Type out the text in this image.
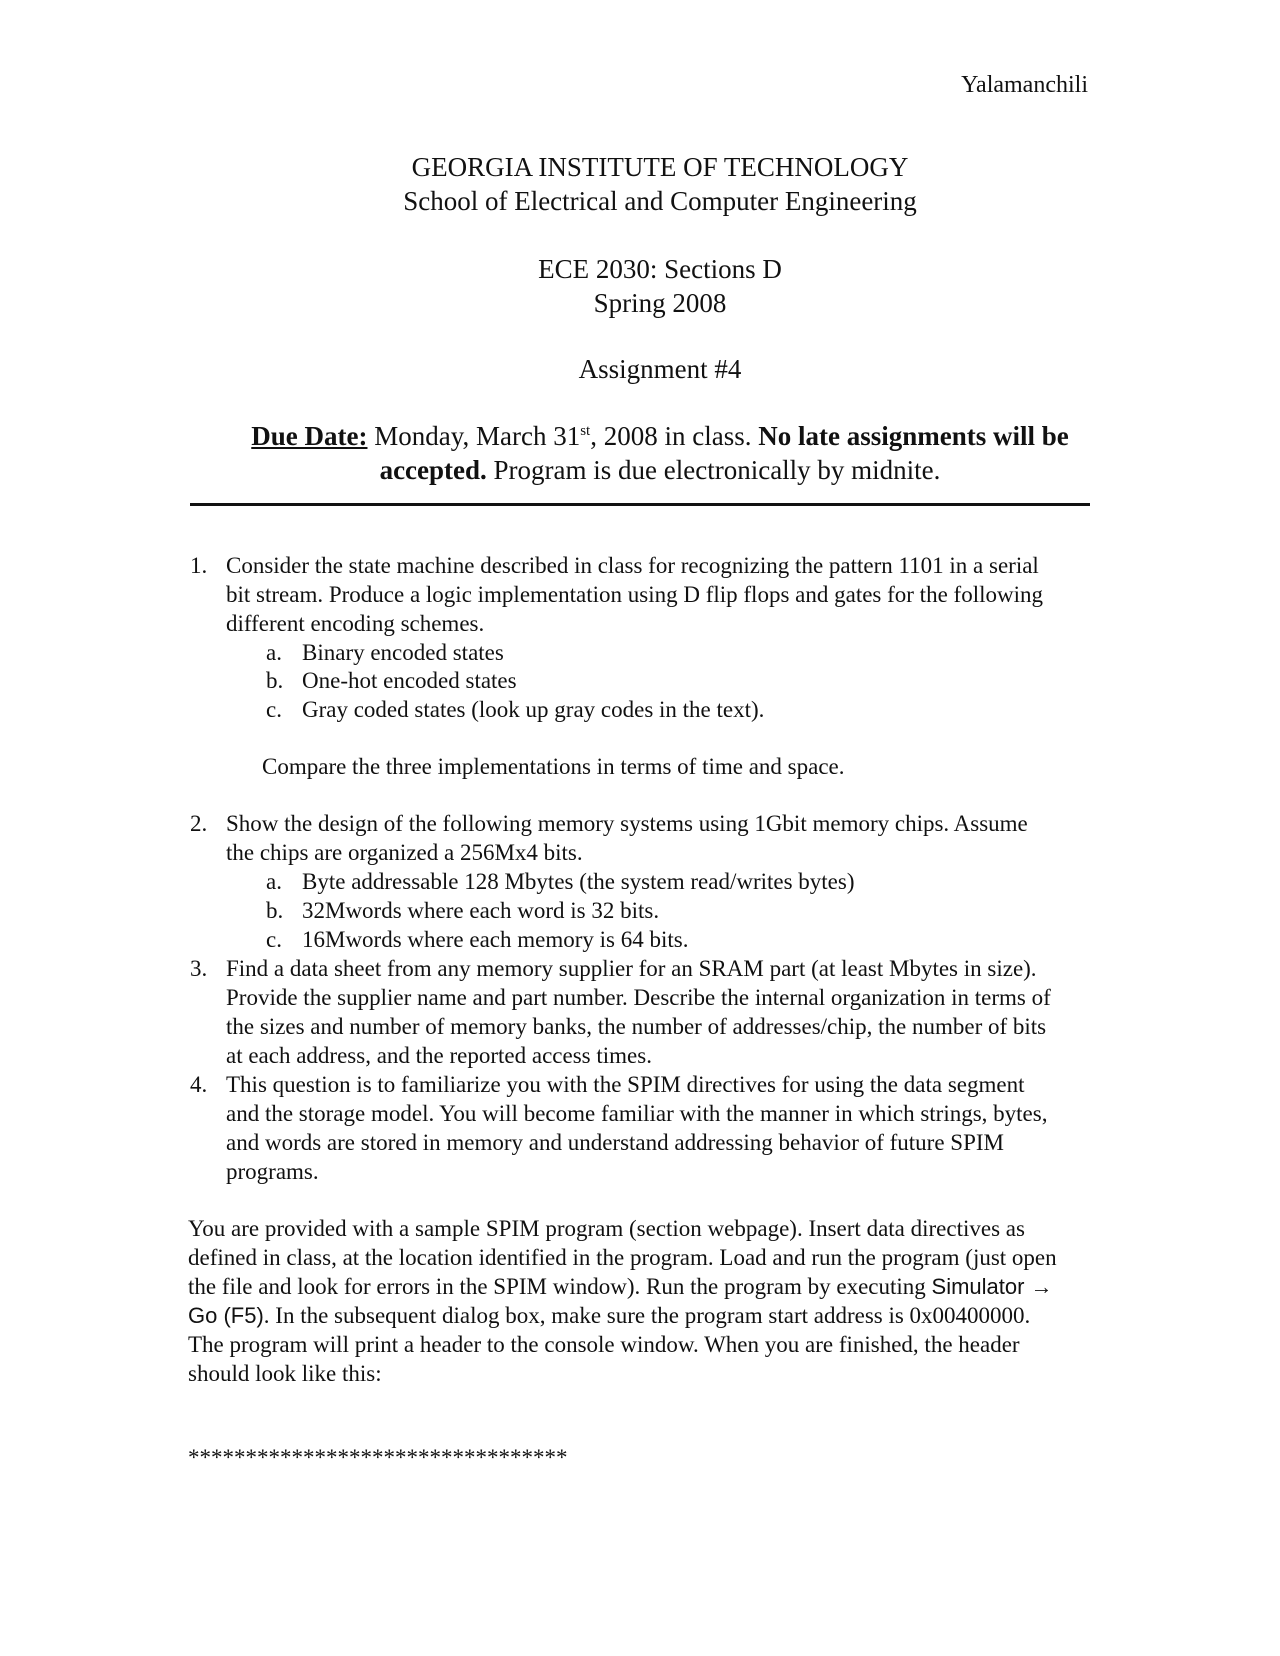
Yalamanchili
GEORGIA INSTITUTE OF TECHNOLOGY
School of Electrical and Computer Engineering
ECE 2030: Sections D
Spring 2008
Assignment #4
Due Date: Monday, March 31st, 2008 in class. No late assignments will be
accepted. Program is due electronically by midnite.
1. Consider the state machine described in class for recognizing the pattern 1101 in a serial
bit stream. Produce a logic implementation using D flip flops and gates for the following
different encoding schemes.
a. Binary encoded states
b. One-hot encoded states
c. Gray coded states (look up gray codes in the text).
Compare the three implementations in terms of time and space.
2. Show the design of the following memory systems using 1Gbit memory chips. Assume
the chips are organized a 256Mx4 bits.
a. Byte addressable 128 Mbytes (the system read/writes bytes)
b. 32Mwords where each word is 32 bits.
c. 16Mwords where each memory is 64 bits.
3. Find a data sheet from any memory supplier for an SRAM part (at least Mbytes in size).
Provide the supplier name and part number. Describe the internal organization in terms of
the sizes and number of memory banks, the number of addresses/chip, the number of bits
at each address, and the reported access times.
4. This question is to familiarize you with the SPIM directives for using the data segment
and the storage model. You will become familiar with the manner in which strings, bytes,
and words are stored in memory and understand addressing behavior of future SPIM
programs.
You are provided with a sample SPIM program (section webpage). Insert data directives as
defined in class, at the location identified in the program. Load and run the program (just open
the file and look for errors in the SPIM window). Run the program by executing Simulator →
Go (F5). In the subsequent dialog box, make sure the program start address is 0x00400000.
The program will print a header to the console window. When you are finished, the header
should look like this:
*********************************
